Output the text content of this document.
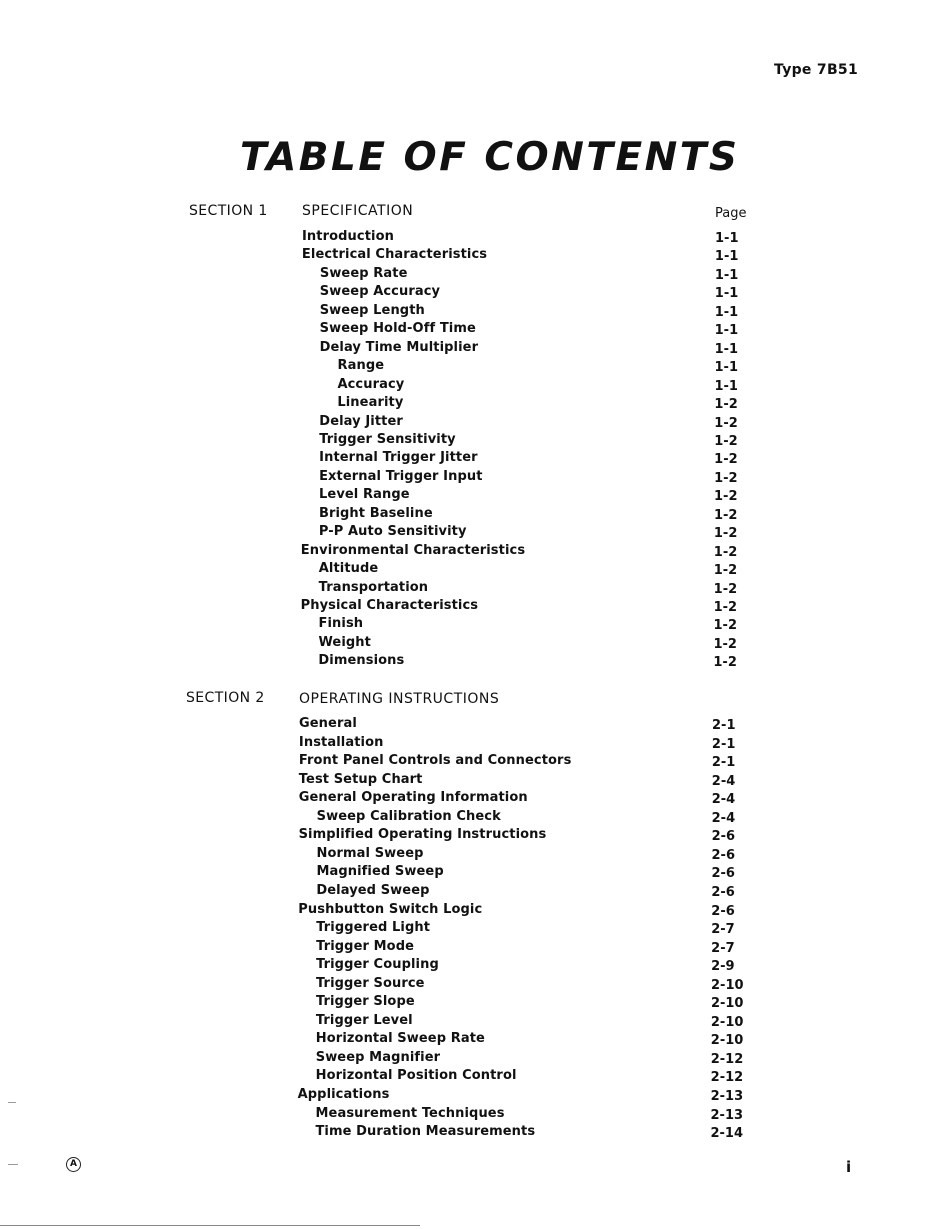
Type 7B51
TABLE OF CONTENTS
Page
SECTION 1 SPECIFICATION
Introduction	1-1
Electrical Characteristics	1-1
Sweep Rate	1-1
Sweep Accuracy	1-1
Sweep Length	1-1
Sweep Hold-Off Time	1-1
Delay Time Multiplier	1-1
Range	1-1
Accuracy	1-1
Linearity	1-2
Delay Jitter	1-2
Trigger Sensitivity	1-2
Internal Trigger Jitter	1-2
External Trigger Input	1-2
Level Range	1-2
Bright Baseline	1-2
P-P Auto Sensitivity	1-2
Environmental Characteristics	1-2
Altitude	1-2
Transportation	1-2
Physical Characteristics	1-2
Finish	1-2
Weight	1-2
Dimensions	1-2
SECTION 2 OPERATING INSTRUCTIONS
General	2-1
Installation	2-1
Front Panel Controls and Connectors	2-1
Test Setup Chart	2-4
General Operating Information	2-4
Sweep Calibration Check	2-4
Simplified Operating Instructions	2-6
Normal Sweep	2-6
Magnified Sweep	2-6
Delayed Sweep	2-6
Pushbutton Switch Logic	2-6
Triggered Light	2-7
Trigger Mode	2-7
Trigger Coupling	2-9
Trigger Source	2-10
Trigger Slope	2-10
Trigger Level	2-10
Horizontal Sweep Rate	2-10
Sweep Magnifier	2-12
Horizontal Position Control	2-12
Applications	2-13
Measurement Techniques	2-13
Time Duration Measurements	2-14
A	i
